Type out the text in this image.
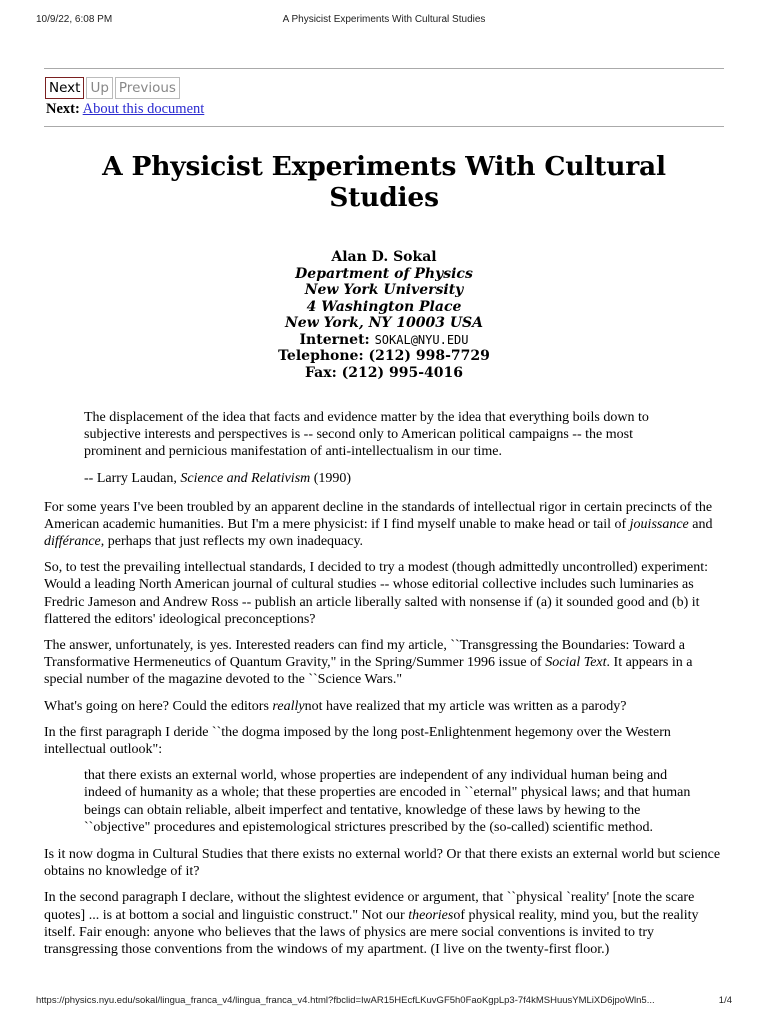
10/9/22, 6:08 PM	A Physicist Experiments With Cultural Studies
Next Up Previous
Next: About this document
A Physicist Experiments With Cultural Studies
Alan D. Sokal
Department of Physics
New York University
4 Washington Place
New York, NY 10003 USA
Internet: SOKAL@NYU.EDU
Telephone: (212) 998-7729
Fax: (212) 995-4016
The displacement of the idea that facts and evidence matter by the idea that everything boils down to subjective interests and perspectives is -- second only to American political campaigns -- the most prominent and pernicious manifestation of anti-intellectualism in our time.
-- Larry Laudan, Science and Relativism (1990)

For some years I've been troubled by an apparent decline in the standards of intellectual rigor in certain precincts of the American academic humanities. But I'm a mere physicist: if I find myself unable to make head or tail of jouissance and différance, perhaps that just reflects my own inadequacy.

So, to test the prevailing intellectual standards, I decided to try a modest (though admittedly uncontrolled) experiment: Would a leading North American journal of cultural studies -- whose editorial collective includes such luminaries as Fredric Jameson and Andrew Ross -- publish an article liberally salted with nonsense if (a) it sounded good and (b) it flattered the editors' ideological preconceptions?

The answer, unfortunately, is yes. Interested readers can find my article, ``Transgressing the Boundaries: Toward a Transformative Hermeneutics of Quantum Gravity," in the Spring/Summer 1996 issue of Social Text. It appears in a special number of the magazine devoted to the ``Science Wars."

What's going on here? Could the editors reallynot have realized that my article was written as a parody?

In the first paragraph I deride ``the dogma imposed by the long post-Enlightenment hegemony over the Western intellectual outlook":

that there exists an external world, whose properties are independent of any individual human being and indeed of humanity as a whole; that these properties are encoded in ``eternal" physical laws; and that human beings can obtain reliable, albeit imperfect and tentative, knowledge of these laws by hewing to the ``objective" procedures and epistemological strictures prescribed by the (so-called) scientific method.

Is it now dogma in Cultural Studies that there exists no external world? Or that there exists an external world but science obtains no knowledge of it?

In the second paragraph I declare, without the slightest evidence or argument, that ``physical `reality' [note the scare quotes] ... is at bottom a social and linguistic construct." Not our theoriesof physical reality, mind you, but the reality itself. Fair enough: anyone who believes that the laws of physics are mere social conventions is invited to try transgressing those conventions from the windows of my apartment. (I live on the twenty-first floor.)

https://physics.nyu.edu/sokal/lingua_franca_v4/lingua_franca_v4.html?fbclid=IwAR15HEcfLKuvGF5h0FaoKgpLp3-7f4kMSHuusYMLiXD6jpoWln5...	1/4
